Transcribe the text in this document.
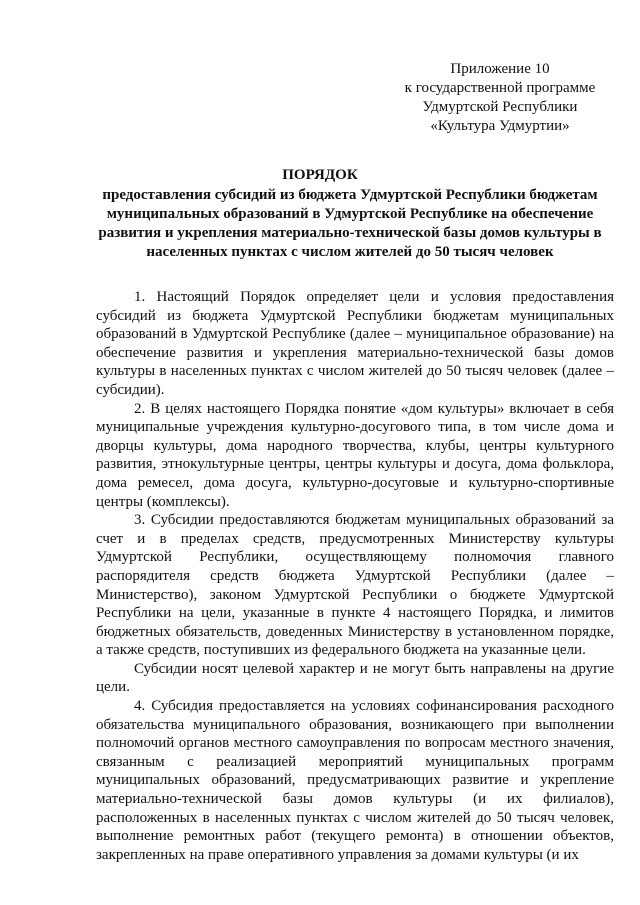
Приложение 10
к государственной программе
Удмуртской Республики
«Культура Удмуртии»
ПОРЯДОК
предоставления субсидий из бюджета Удмуртской Республики бюджетам
муниципальных образований в Удмуртской Республике на обеспечение
развития и укрепления материально-технической базы домов культуры в
населенных пунктах с числом жителей до 50 тысяч человек

1. Настоящий Порядок определяет цели и условия предоставления субсидий из бюджета Удмуртской Республики бюджетам муниципальных образований в Удмуртской Республике (далее – муниципальное образование) на обеспечение развития и укрепления материально-технической базы домов культуры в населенных пунктах с числом жителей до 50 тысяч человек (далее – субсидии).

2. В целях настоящего Порядка понятие «дом культуры» включает в себя муниципальные учреждения культурно-досугового типа, в том числе дома и дворцы культуры, дома народного творчества, клубы, центры культурного развития, этнокультурные центры, центры культуры и досуга, дома фольклора, дома ремесел, дома досуга, культурно-досуговые и культурно-спортивные центры (комплексы).

3. Субсидии предоставляются бюджетам муниципальных образований за счет и в пределах средств, предусмотренных Министерству культуры Удмуртской Республики, осуществляющему полномочия главного распорядителя средств бюджета Удмуртской Республики (далее – Министерство), законом Удмуртской Республики о бюджете Удмуртской Республики на цели, указанные в пункте 4 настоящего Порядка, и лимитов бюджетных обязательств, доведенных Министерству в установленном порядке, а также средств, поступивших из федерального бюджета на указанные цели.

Субсидии носят целевой характер и не могут быть направлены на другие цели.

4. Субсидия предоставляется на условиях софинансирования расходного обязательства муниципального образования, возникающего при выполнении полномочий органов местного самоуправления по вопросам местного значения, связанным с реализацией мероприятий муниципальных программ муниципальных образований, предусматривающих развитие и укрепление материально-технической базы домов культуры (и их филиалов), расположенных в населенных пунктах с числом жителей до 50 тысяч человек, выполнение ремонтных работ (текущего ремонта) в отношении объектов, закрепленных на праве оперативного управления за домами культуры (и их
